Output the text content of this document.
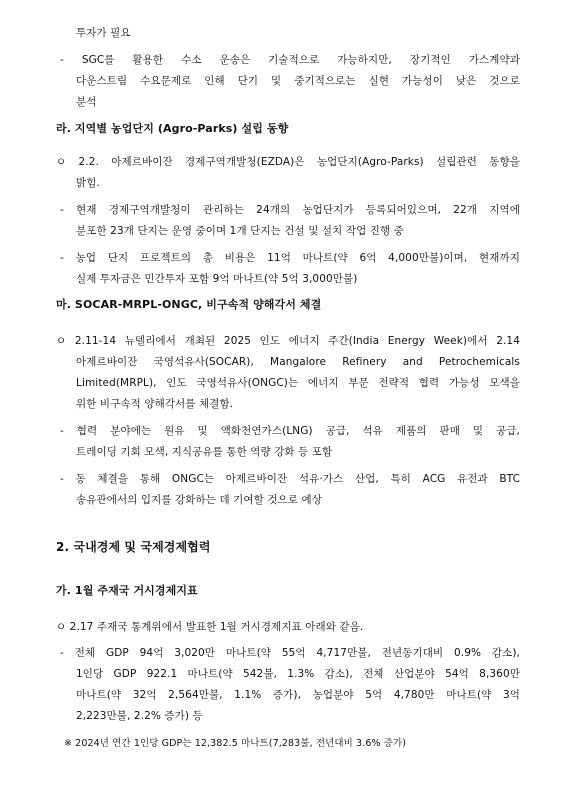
투자가 필요
- SGC를 활용한 수소 운송은 기술적으로 가능하지만, 장기적인 가스계약과
다운스트림 수요문제로 인해 단기 및 중기적으로는 실현 가능성이 낮은 것으로
분석
라. 지역별 농업단지 (Agro-Parks) 설립 동향
ㅇ 2.2. 아제르바이잔 경제구역개발청(EZDA)은 농업단지(Agro-Parks) 설립관련 동향을
밝힘.
- 현재 경제구역개발청이 관리하는 24개의 농업단지가 등록되어있으며, 22개 지역에
분포한 23개 단지는 운영 중이며 1개 단지는 건설 및 설치 작업 진행 중
- 농업 단지 프로젝트의 총 비용은 11억 마나트(약 6억 4,000만불)이며, 현재까지
실제 투자금은 민간투자 포함 9억 마나트(약 5억 3,000만불)
마. SOCAR-MRPL-ONGC, 비구속적 양해각서 체결
ㅇ 2.11-14 뉴델리에서 개최된 2025 인도 에너지 주간(India Energy Week)에서 2.14
아제르바이잔 국영석유사(SOCAR), Mangalore Refinery and Petrochemicals
Limited(MRPL), 인도 국영석유사(ONGC)는 에너지 부문 전략적 협력 가능성 모색을
위한 비구속적 양해각서를 체결함.
- 협력 분야에는 원유 및 액화천연가스(LNG) 공급, 석유 제품의 판매 및 공급,
트레이딩 기회 모색, 지식공유를 통한 역량 강화 등 포함
- 동 체결을 통해 ONGC는 아제르바이잔 석유·가스 산업, 특히 ACG 유전과 BTC
송유관에서의 입지를 강화하는 데 기여할 것으로 예상
2. 국내경제 및 국제경제협력
가. 1월 주재국 거시경제지표
ㅇ 2.17 주재국 통계위에서 발표한 1월 거시경제지표 아래와 같음.
- 전체 GDP 94억 3,020만 마나트(약 55억 4,717만불, 전년동기대비 0.9% 감소),
1인당 GDP 922.1 마나트(약 542불, 1.3% 감소), 전체 산업분야 54억 8,360만
마나트(약 32억 2,564만불, 1.1% 증가), 농업분야 5억 4,780만 마나트(약 3억
2,223만불, 2.2% 증가) 등
※ 2024년 연간 1인당 GDP는 12,382.5 마나트(7,283불, 전년대비 3.6% 증가)
